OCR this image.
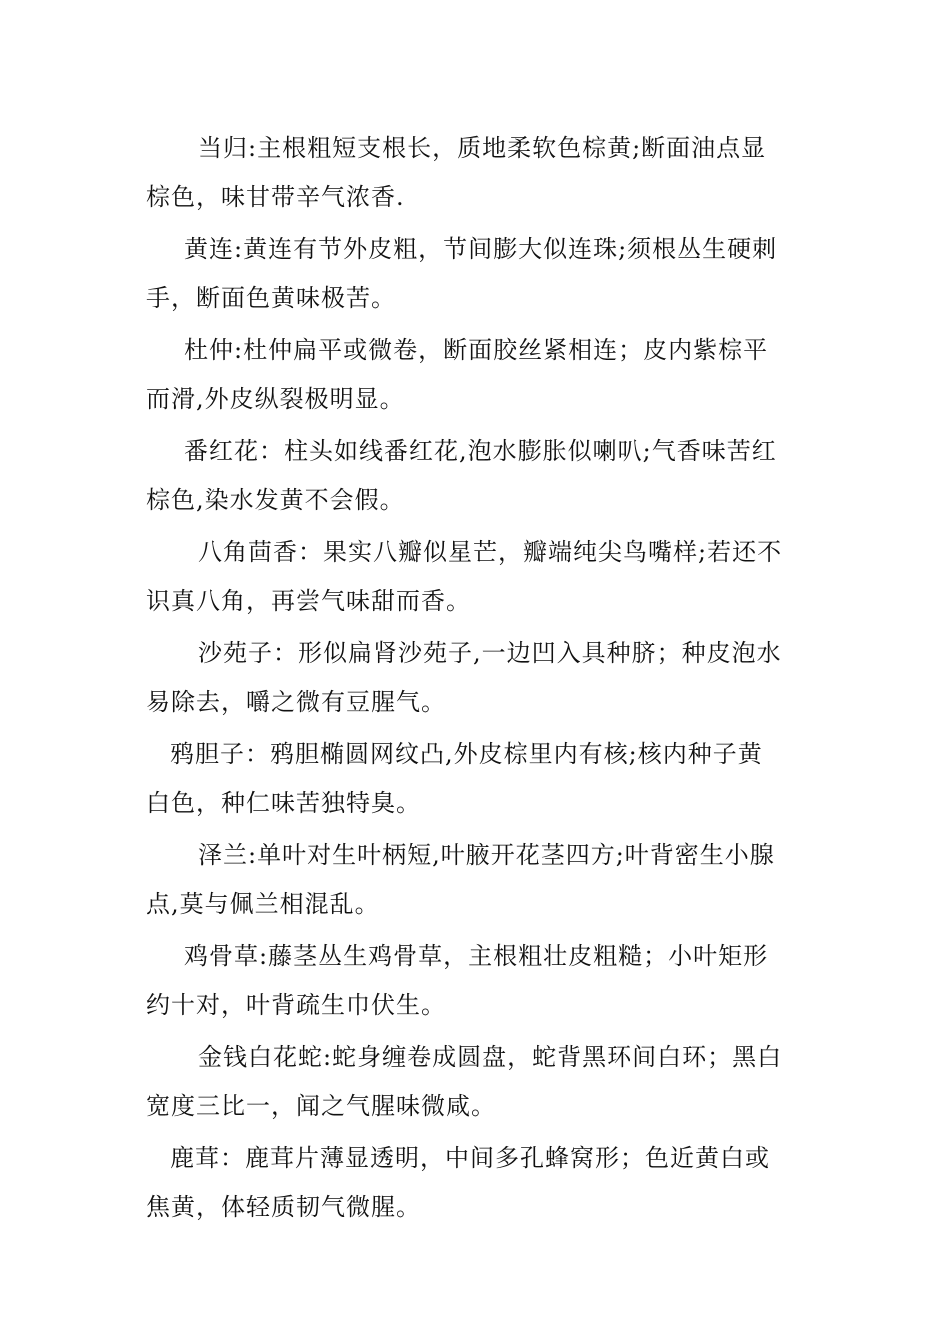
当归:主根粗短支根长，质地柔软色棕黄;断面油点显
棕色，味甘带辛气浓香.
黄连:黄连有节外皮粗，节间膨大似连珠;须根丛生硬刺
手，断面色黄味极苦。
杜仲:杜仲扁平或微卷，断面胶丝紧相连；皮内紫棕平
而滑,外皮纵裂极明显。
番红花：柱头如线番红花,泡水膨胀似喇叭;气香味苦红
棕色,染水发黄不会假。
八角茴香：果实八瓣似星芒，瓣端纯尖鸟嘴样;若还不
识真八角，再尝气味甜而香。
沙苑子：形似扁肾沙苑子,一边凹入具种脐；种皮泡水
易除去，嚼之微有豆腥气。
鸦胆子：鸦胆椭圆网纹凸,外皮棕里内有核;核内种子黄
白色，种仁味苦独特臭。
泽兰:单叶对生叶柄短,叶腋开花茎四方;叶背密生小腺
点,莫与佩兰相混乱。
鸡骨草:藤茎丛生鸡骨草，主根粗壮皮粗糙；小叶矩形
约十对，叶背疏生巾伏生。
金钱白花蛇:蛇身缠卷成圆盘，蛇背黑环间白环；黑白
宽度三比一，闻之气腥味微咸。
鹿茸：鹿茸片薄显透明，中间多孔蜂窝形；色近黄白或
焦黄，体轻质韧气微腥。
